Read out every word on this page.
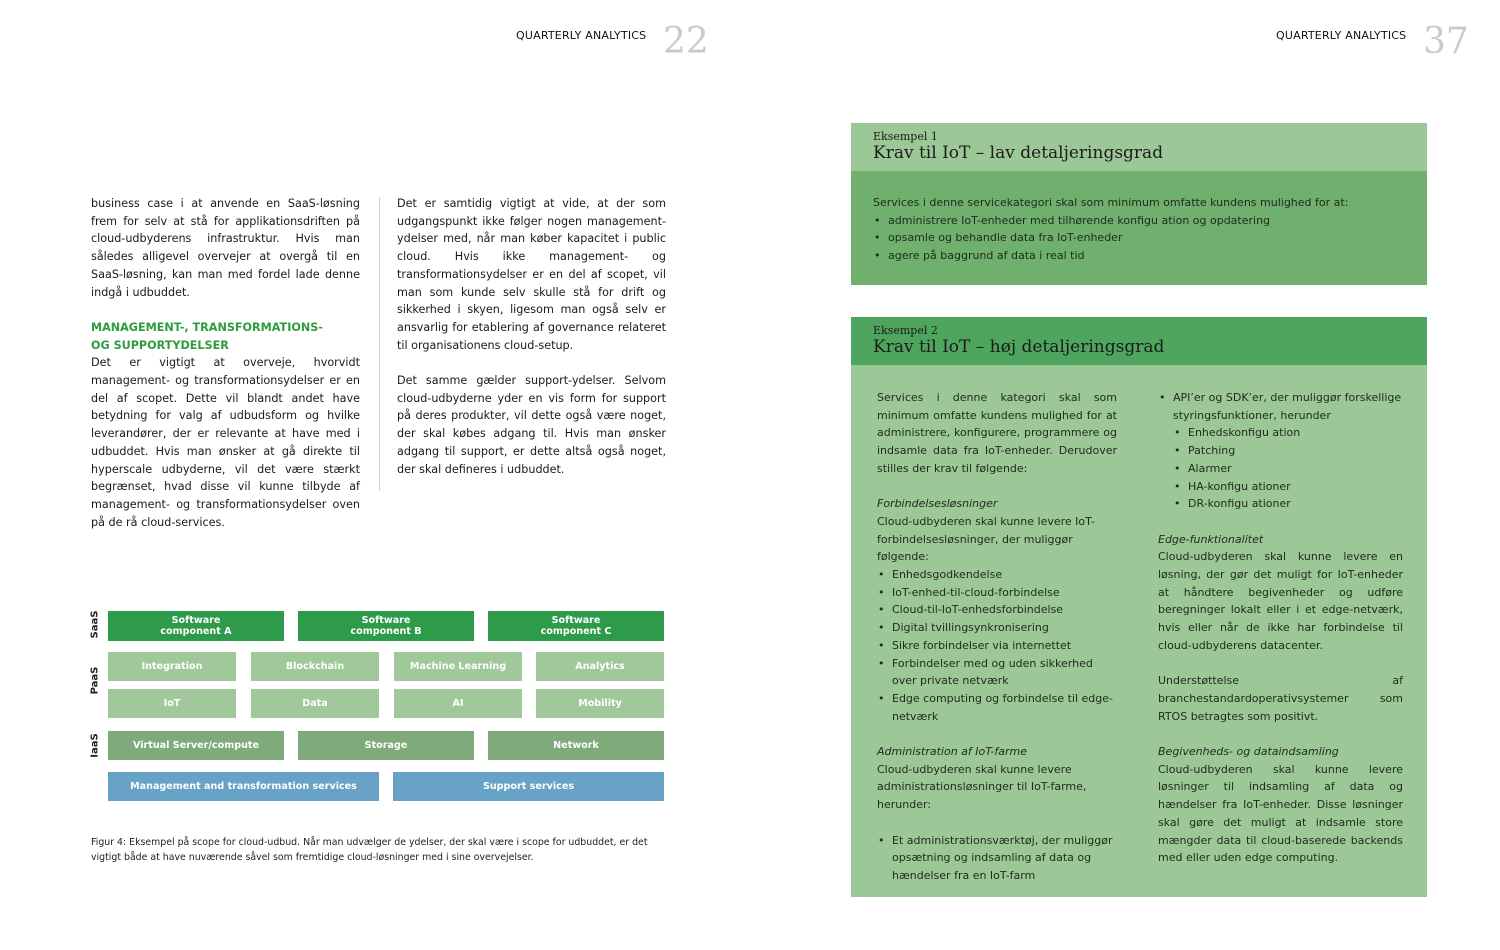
QUARTERLY ANALYTICS 22

business case i at anvende en SaaS-løsning frem for selv at stå for applikationsdriften på cloud-udbyderens infrastruktur. Hvis man således alligevel overvejer at overgå til en SaaS-løsning, kan man med fordel lade denne indgå i udbuddet.

MANAGEMENT-, TRANSFORMATIONS-
OG SUPPORTYDELSER

Det er vigtigt at overveje, hvorvidt management- og transformationsydelser er en del af scopet. Dette vil blandt andet have betydning for valg af udbudsform og hvilke leverandører, der er relevante at have med i udbuddet. Hvis man ønsker at gå direkte til hyperscale udbyderne, vil det være stærkt begrænset, hvad disse vil kunne tilbyde af management- og transformationsydelser oven på de rå cloud-services.

Det er samtidig vigtigt at vide, at der som udgangspunkt ikke følger nogen management-ydelser med, når man køber kapacitet i public cloud. Hvis ikke management- og transformationsydelser er en del af scopet, vil man som kunde selv skulle stå for drift og sikkerhed i skyen, ligesom man også selv er ansvarlig for etablering af governance relateret til organisationens cloud-setup.

Det samme gælder support-ydelser. Selvom cloud-udbyderne yder en vis form for support på deres produkter, vil dette også være noget, der skal købes adgang til. Hvis man ønsker adgang til support, er dette altså også noget, der skal defineres i udbuddet.

SaaS
PaaS
IaaS
Software component A
Software component B
Software component C
Integration	Blockchain	Machine Learning	Analytics
IoT	Data	AI	Mobility
Virtual Server/compute	Storage	Network
Management and transformation services	Support services
Figur 4: Eksempel på scope for cloud-udbud. Når man udvælger de ydelser, der skal være i scope for udbuddet, er det vigtigt både at have nuværende såvel som fremtidige cloud-løsninger med i sine overvejelser.
QUARTERLY ANALYTICS 37
Eksempel 1
Krav til IoT – lav detaljeringsgrad

Services i denne servicekategori skal som minimum omfatte kundens mulighed for at:

• administrere IoT-enheder med tilhørende konfigu ation og opdatering
• opsamle og behandle data fra IoT-enheder
• agere på baggrund af data i real tid
Eksempel 2
Krav til IoT – høj detaljeringsgrad

Services i denne kategori skal som minimum omfatte kundens mulighed for at administrere, konfigurere, programmere og indsamle data fra IoT-enheder. Derudover stilles der krav til følgende:

Forbindelsesløsninger

Cloud-udbyderen skal kunne levere IoT-forbindelsesløsninger, der muliggør følgende:

• Enhedsgodkendelse
• IoT-enhed-til-cloud-forbindelse
• Cloud-til-IoT-enhedsforbindelse
• Digital tvillingsynkronisering
• Sikre forbindelser via internettet
• Forbindelser med og uden sikkerhed over private netværk
• Edge computing og forbindelse til edge-netværk

Administration af IoT-farme

Cloud-udbyderen skal kunne levere administrationsløsninger til IoT-farme, herunder:

• Et administrationsværktøj, der muliggør opsætning og indsamling af data og hændelser fra en IoT-farm
• API’er og SDK’er, der muliggør forskellige styringsfunktioner, herunder
• Enhedskonfigu ation
• Patching
• Alarmer
• HA-konfigu ationer
• DR-konfigu ationer

Edge-funktionalitet

Cloud-udbyderen skal kunne levere en løsning, der gør det muligt for IoT-enheder at håndtere begivenheder og udføre beregninger lokalt eller i et edge-netværk, hvis eller når de ikke har forbindelse til cloud-udbyderens datacenter.

Understøttelse af branchestandardoperativsystemer som RTOS betragtes som positivt.

Begivenheds- og dataindsamling

Cloud-udbyderen skal kunne levere løsninger til indsamling af data og hændelser fra IoT-enheder. Disse løsninger skal gøre det muligt at indsamle store mængder data til cloud-baserede backends med eller uden edge computing.
